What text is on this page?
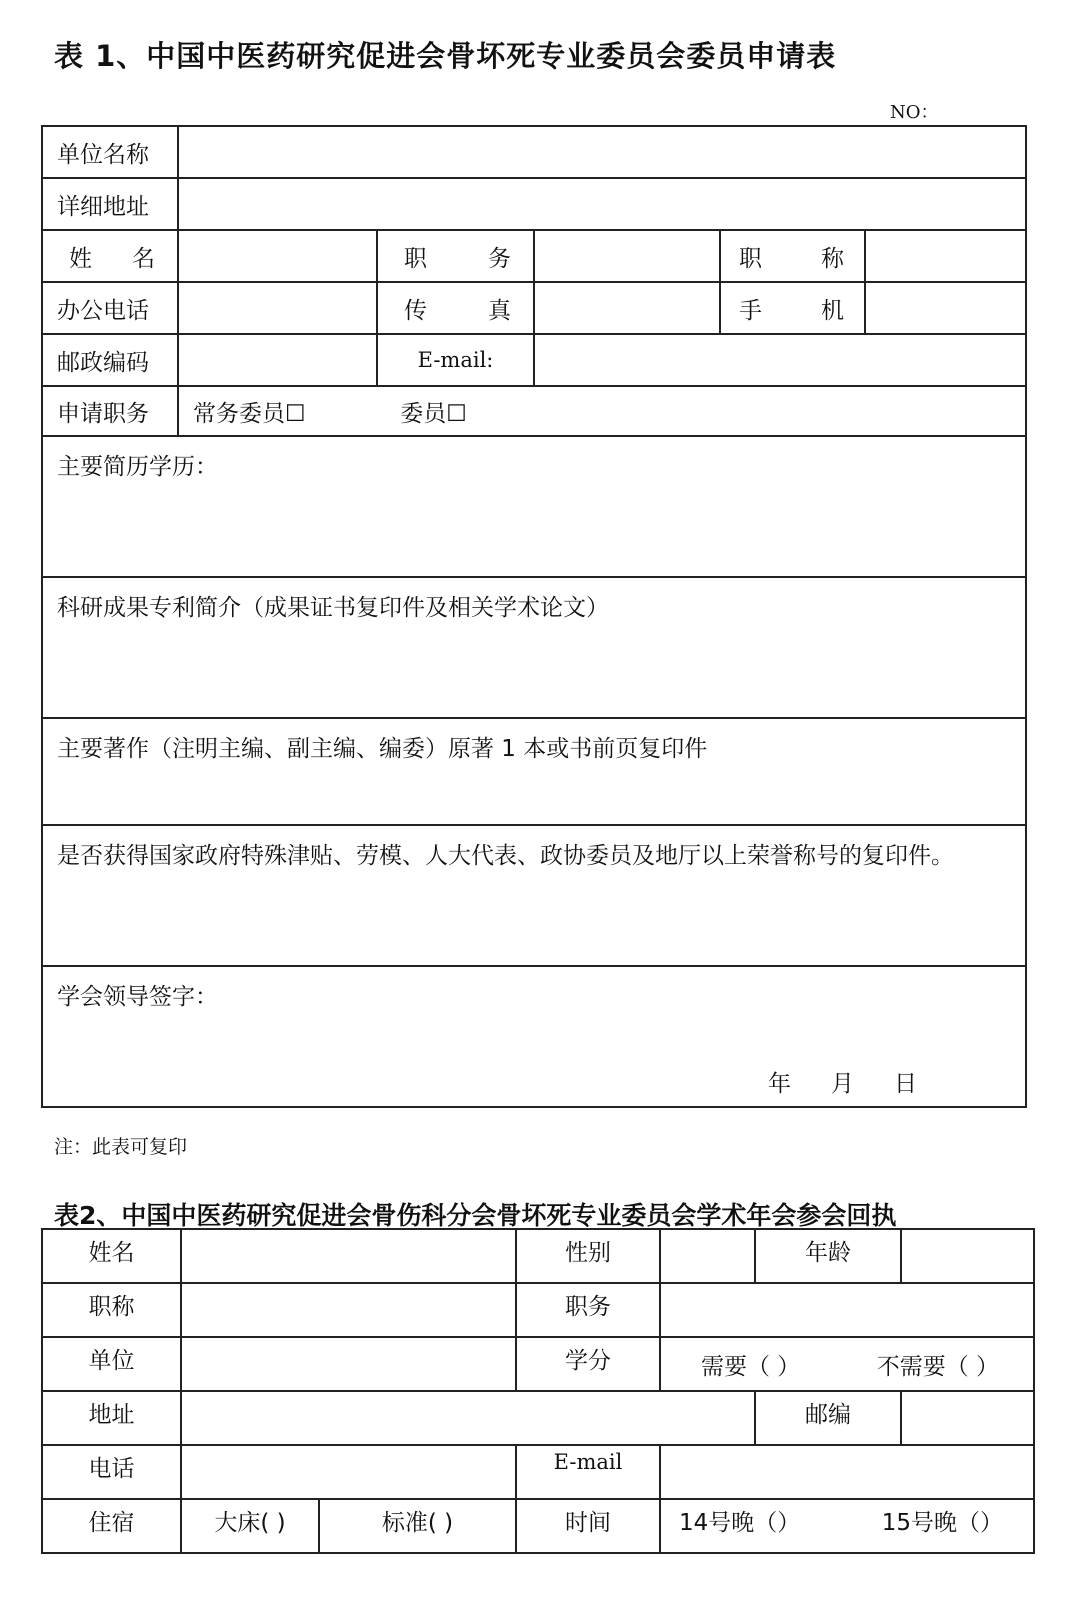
表 1、中国中医药研究促进会骨坏死专业委员会委员申请表
NO：
单位名称					
详细地址					

姓 名		职 务		职 称	

办公电话		传 真		手 机	

邮政编码		E-mail:			
申请职务	常务委员☐ 委员☐				
主要简历学历：					
科研成果专利简介（成果证书复印件及相关学术论文）					
主要著作（注明主编、副主编、编委）原著 1 本或书前页复印件					
是否获得国家政府特殊津贴、劳模、人大代表、政协委员及地厅以上荣誉称号的复印件。					
学会领导签字：
年 月 日					
注：此表可复印
表2、中国中医药研究促进会骨伤科分会骨坏死专业委员会学术年会参会回执
姓名			性别		年龄	
职称			职务			
单位			学分	需要（ ） 不需要（ ）		

地址					邮编	
电话			E-mail			
住宿	大床( )	标准( )	时间	14号晚（） 15号晚（）		
